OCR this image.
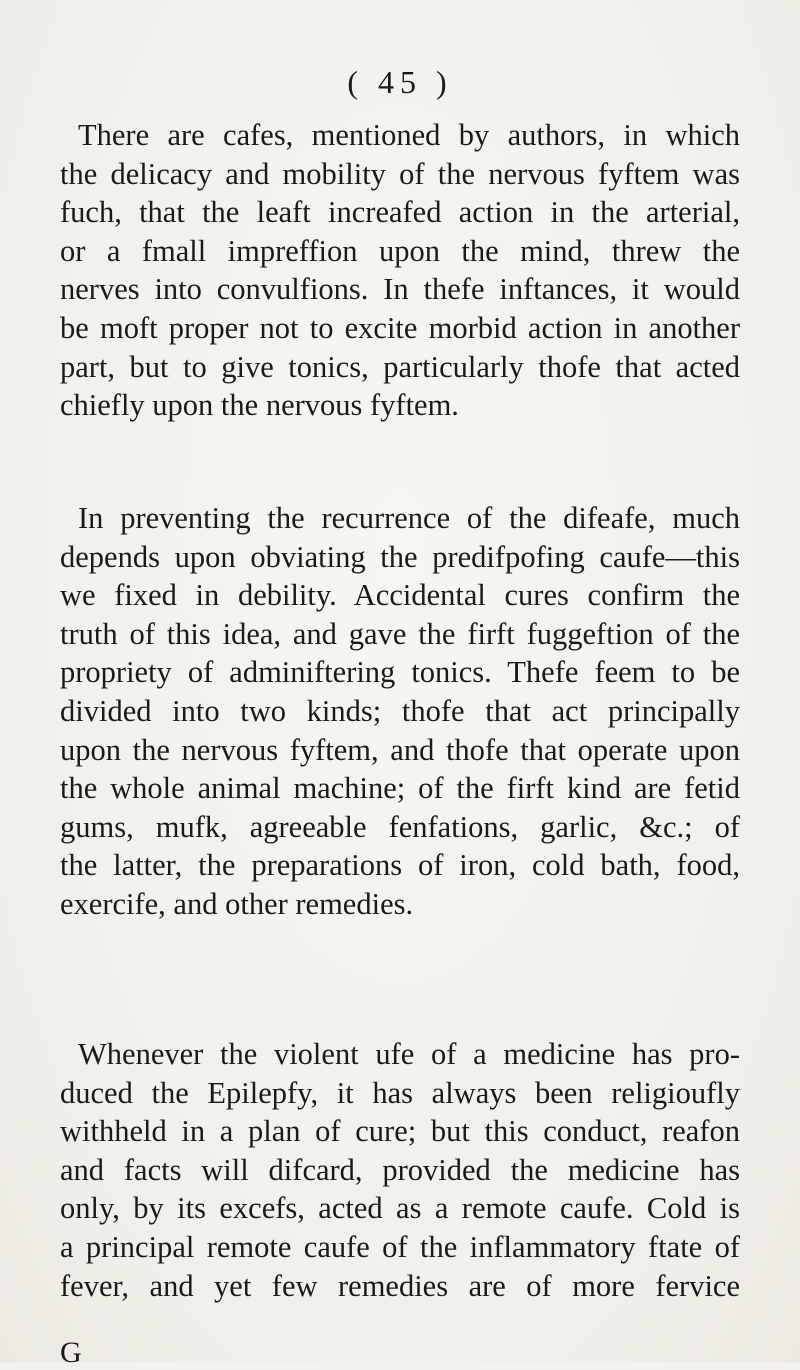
( 45 )
There are cafes, mentioned by authors, in which
the delicacy and mobility of the nervous fyftem was
fuch, that the leaft increafed action in the arterial,
or a fmall impreffion upon the mind, threw the
nerves into convulfions. In thefe inftances, it would
be moft proper not to excite morbid action in another
part, but to give tonics, particularly thofe that acted
chiefly upon the nervous fyftem.
In preventing the recurrence of the difeafe, much
depends upon obviating the predifpofing caufe—this
we fixed in debility. Accidental cures confirm the
truth of this idea, and gave the firft fuggeftion of the
propriety of adminiftering tonics. Thefe feem to be
divided into two kinds; thofe that act principally
upon the nervous fyftem, and thofe that operate upon
the whole animal machine; of the firft kind are fetid
gums, mufk, agreeable fenfations, garlic, &c.; of
the latter, the preparations of iron, cold bath, food,
exercife, and other remedies.
Whenever the violent ufe of a medicine has pro-
duced the Epilepfy, it has always been religioufly
withheld in a plan of cure; but this conduct, reafon
and facts will difcard, provided the medicine has
only, by its excefs, acted as a remote caufe. Cold is
a principal remote caufe of the inflammatory ftate of
fever, and yet few remedies are of more fervice
G
